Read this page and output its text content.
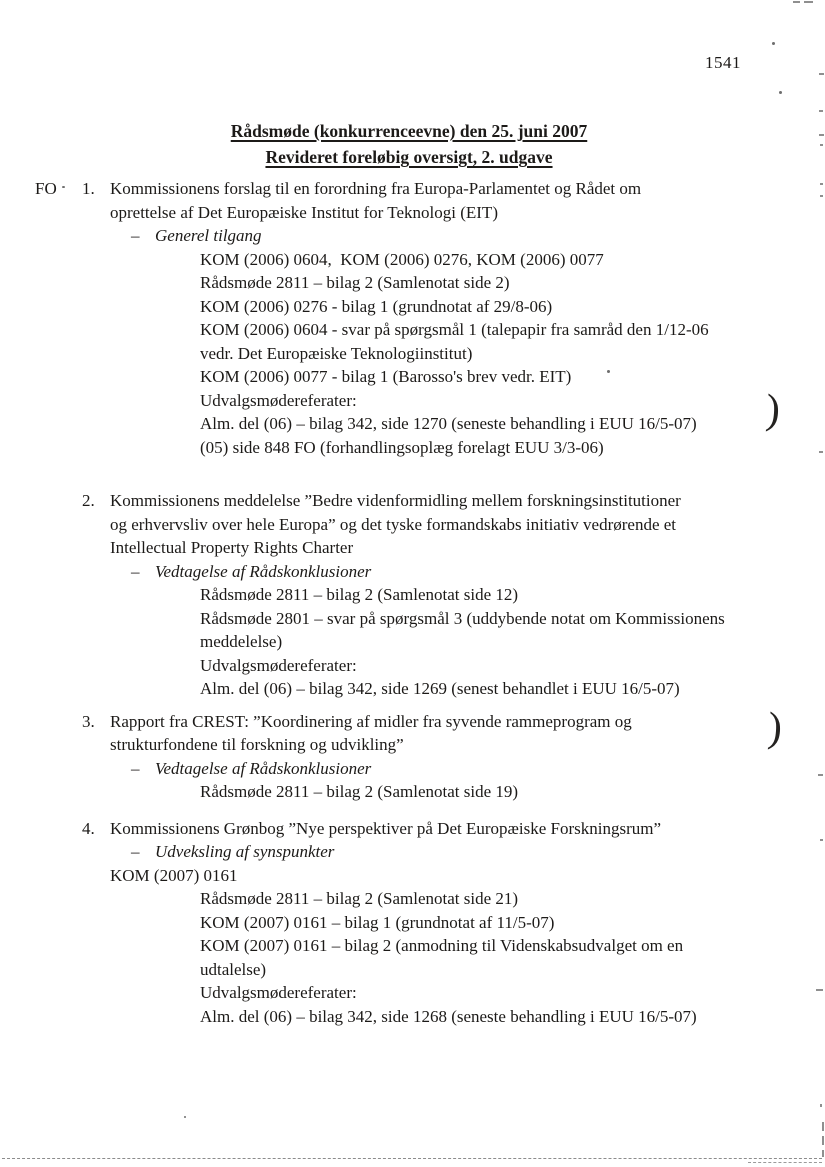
1541
Rådsmøde (konkurrenceevne) den 25. juni 2007
Revideret foreløbig oversigt, 2. udgave
FO 1. Kommissionens forslag til en forordning fra Europa-Parlamentet og Rådet om
oprettelse af Det Europæiske Institut for Teknologi (EIT)
– Generel tilgang
KOM (2006) 0604,  KOM (2006) 0276, KOM (2006) 0077
Rådsmøde 2811 – bilag 2 (Samlenotat side 2)
KOM (2006) 0276 - bilag 1 (grundnotat af 29/8-06)
KOM (2006) 0604 - svar på spørgsmål 1 (talepapir fra samråd den 1/12-06
vedr. Det Europæiske Teknologiinstitut)
KOM (2006) 0077 - bilag 1 (Barosso's brev vedr. EIT)
Udvalgsmødereferater:
Alm. del (06) – bilag 342, side 1270 (seneste behandling i EUU 16/5-07)
(05) side 848 FO (forhandlingsoplæg forelagt EUU 3/3-06)
2. Kommissionens meddelelse ”Bedre videnformidling mellem forskningsinstitutioner
og erhvervsliv over hele Europa” og det tyske formandskabs initiativ vedrørende et
Intellectual Property Rights Charter
– Vedtagelse af Rådskonklusioner
Rådsmøde 2811 – bilag 2 (Samlenotat side 12)
Rådsmøde 2801 – svar på spørgsmål 3 (uddybende notat om Kommissionens
meddelelse)
Udvalgsmødereferater:
Alm. del (06) – bilag 342, side 1269 (senest behandlet i EUU 16/5-07)
3. Rapport fra CREST: ”Koordinering af midler fra syvende rammeprogram og
strukturfondene til forskning og udvikling”
– Vedtagelse af Rådskonklusioner
Rådsmøde 2811 – bilag 2 (Samlenotat side 19)
4. Kommissionens Grønbog ”Nye perspektiver på Det Europæiske Forskningsrum”
– Udveksling af synspunkter
KOM (2007) 0161
Rådsmøde 2811 – bilag 2 (Samlenotat side 21)
KOM (2007) 0161 – bilag 1 (grundnotat af 11/5-07)
KOM (2007) 0161 – bilag 2 (anmodning til Videnskabsudvalget om en
udtalelse)
Udvalgsmødereferater:
Alm. del (06) – bilag 342, side 1268 (seneste behandling i EUU 16/5-07)
)
)
